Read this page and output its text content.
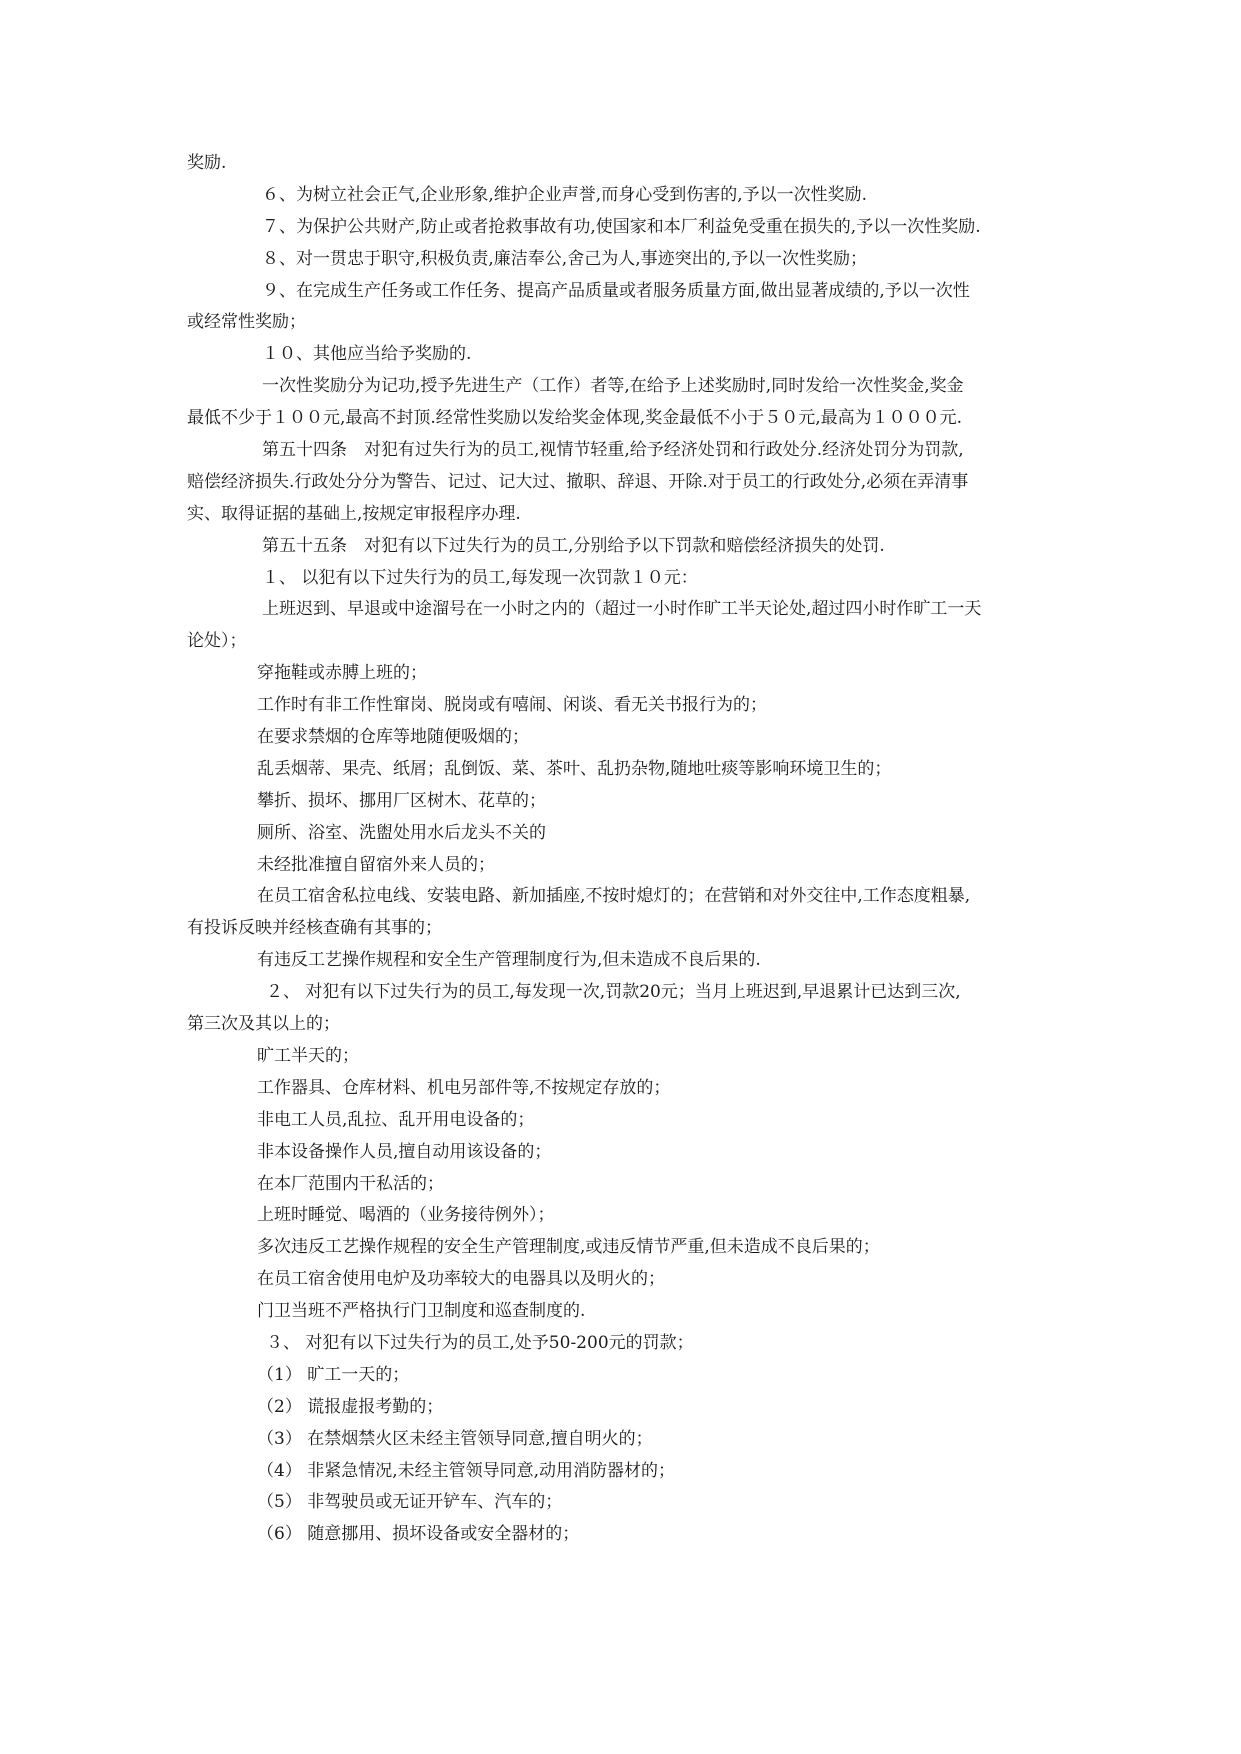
奖励.
６、为树立社会正气,企业形象,维护企业声誉,而身心受到伤害的,予以一次性奖励.
７、为保护公共财产,防止或者抢救事故有功,使国家和本厂利益免受重在损失的,予以一次性奖励.
８、对一贯忠于职守,积极负责,廉洁奉公,舍己为人,事迹突出的,予以一次性奖励；
９、在完成生产任务或工作任务、提高产品质量或者服务质量方面,做出显著成绩的,予以一次性
或经常性奖励；
１０、其他应当给予奖励的.
一次性奖励分为记功,授予先进生产（工作）者等,在给予上述奖励时,同时发给一次性奖金,奖金
最低不少于１００元,最高不封顶.经常性奖励以发给奖金体现,奖金最低不小于５０元,最高为１０００元.
第五十四条　对犯有过失行为的员工,视情节轻重,给予经济处罚和行政处分.经济处罚分为罚款,
赔偿经济损失.行政处分分为警告、记过、记大过、撤职、辞退、开除.对于员工的行政处分,必须在弄清事
实、取得证据的基础上,按规定审报程序办理.
第五十五条　对犯有以下过失行为的员工,分别给予以下罚款和赔偿经济损失的处罚.
１、 以犯有以下过失行为的员工,每发现一次罚款１０元：
上班迟到、早退或中途溜号在一小时之内的（超过一小时作旷工半天论处,超过四小时作旷工一天
论处）；
穿拖鞋或赤膊上班的；
工作时有非工作性窜岗、脱岗或有嘻闹、闲谈、看无关书报行为的；
在要求禁烟的仓库等地随便吸烟的；
乱丢烟蒂、果壳、纸屑；乱倒饭、菜、茶叶、乱扔杂物,随地吐痰等影响环境卫生的；
攀折、损坏、挪用厂区树木、花草的；
厕所、浴室、洗盥处用水后龙头不关的
未经批准擅自留宿外来人员的；
在员工宿舍私拉电线、安装电路、新加插座,不按时熄灯的；在营销和对外交往中,工作态度粗暴,
有投诉反映并经核查确有其事的；
有违反工艺操作规程和安全生产管理制度行为,但未造成不良后果的.
２、 对犯有以下过失行为的员工,每发现一次,罚款20元；当月上班迟到,早退累计已达到三次,
第三次及其以上的；
旷工半天的；
工作器具、仓库材料、机电另部件等,不按规定存放的；
非电工人员,乱拉、乱开用电设备的；
非本设备操作人员,擅自动用该设备的；
在本厂范围内干私活的；
上班时睡觉、喝酒的（业务接待例外）；
多次违反工艺操作规程的安全生产管理制度,或违反情节严重,但未造成不良后果的；
在员工宿舍使用电炉及功率较大的电器具以及明火的；
门卫当班不严格执行门卫制度和巡查制度的.
３、 对犯有以下过失行为的员工,处予50-200元的罚款；
（1） 旷工一天的；
（2） 谎报虚报考勤的；
（3） 在禁烟禁火区未经主管领导同意,擅自明火的；
（4） 非紧急情况,未经主管领导同意,动用消防器材的；
（5） 非驾驶员或无证开铲车、汽车的；
（6） 随意挪用、损坏设备或安全器材的；
